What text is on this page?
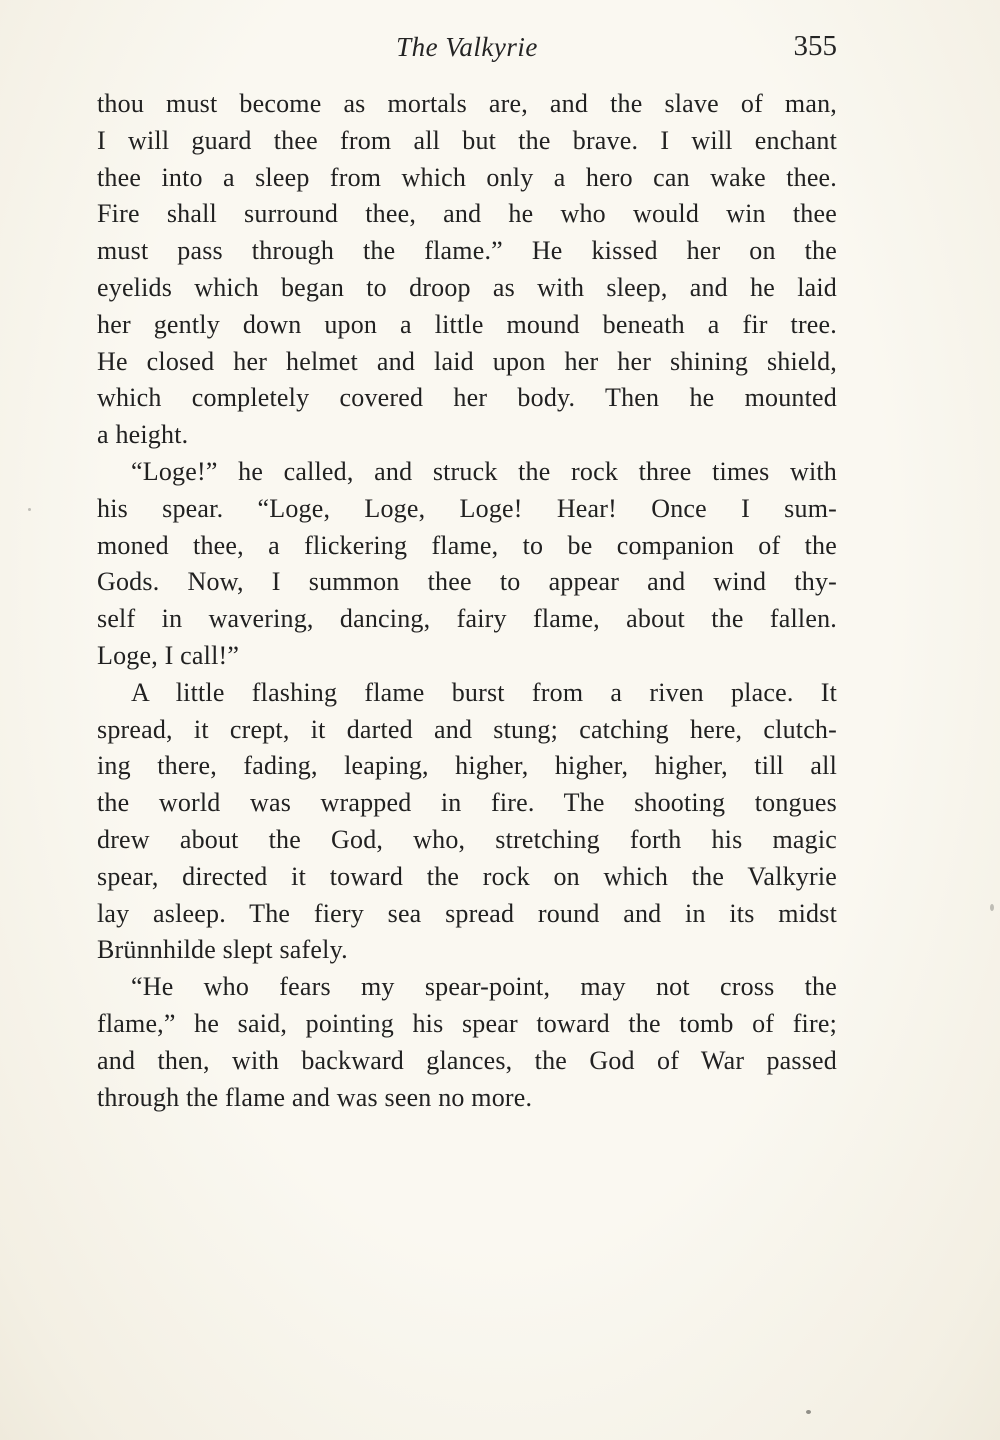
The Valkyrie	355
thou must become as mortals are, and the slave of man,
I will guard thee from all but the brave. I will enchant
thee into a sleep from which only a hero can wake thee.
Fire shall surround thee, and he who would win thee
must pass through the flame.” He kissed her on the
eyelids which began to droop as with sleep, and he laid
her gently down upon a little mound beneath a fir tree.
He closed her helmet and laid upon her her shining shield,
which completely covered her body. Then he mounted
a height.
“Loge!” he called, and struck the rock three times with
his spear. “Loge, Loge, Loge! Hear! Once I sum-
moned thee, a flickering flame, to be companion of the
Gods. Now, I summon thee to appear and wind thy-
self in wavering, dancing, fairy flame, about the fallen.
Loge, I call!”
A little flashing flame burst from a riven place. It
spread, it crept, it darted and stung; catching here, clutch-
ing there, fading, leaping, higher, higher, higher, till all
the world was wrapped in fire. The shooting tongues
drew about the God, who, stretching forth his magic
spear, directed it toward the rock on which the Valkyrie
lay asleep. The fiery sea spread round and in its midst
Brünnhilde slept safely.
“He who fears my spear-point, may not cross the
flame,” he said, pointing his spear toward the tomb of fire;
and then, with backward glances, the God of War passed
through the flame and was seen no more.
